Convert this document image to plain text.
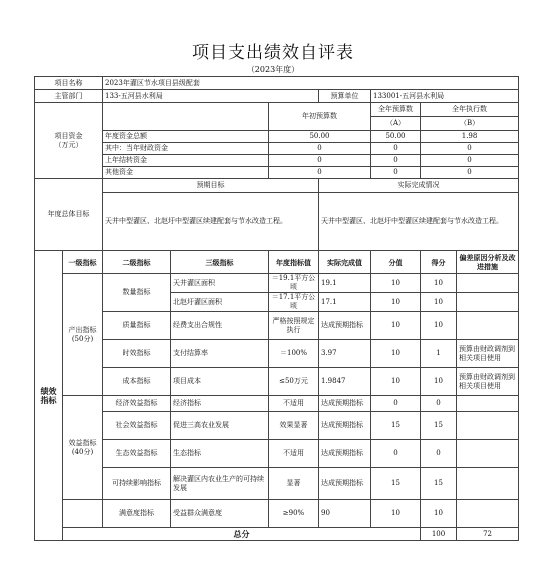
项目支出绩效自评表
（2023年度）
项目名称		2023年灌区节水项目县级配套							
主管部门		133-五河县水利局			预算单位	133001-五河县水利局			
项目资金
（万元）				年初预算数		全年预算数	全年执行数	
						（A）	（B）	
		年度资金总额		50.00		50.00	1.98	
		其中：当年财政资金		0		0	0	
		上年结转资金		0		0	0	
		其他资金		0		0	0	
年度总体目标		预期目标			实际完成情况				
		天井中型灌区、北赵圩中型灌区续建配套与节水改造工程。			天井中型灌区、北赵圩中型灌区续建配套与节水改造工程。				
绩效指标	一级指标	二级指标	三级指标	年度指标值	实际完成值	分值	得分	偏差原因分析及改进措施	
	产出指标(50分)	数量指标	天井灌区面积	＝19.1平方公顷	19.1	10	10		
			北赵圩灌区面积	＝17.1平方公顷	17.1	10	10		
		质量指标	经费支出合规性	严格按照规定执行	达成预期指标	10	10		
		时效指标	支付结算率	＝100%	3.97	10	1	预算由财政调剂到相关项目使用	
		成本指标	项目成本	≤50万元	1.9847	10	10	预算由财政调剂到相关项目使用	
	效益指标(40分)	经济效益指标	经济指标	不适用	达成预期指标	0	0		
		社会效益指标	促进三高农业发展	效果显著	达成预期指标	15	15		
		生态效益指标	生态指标	不适用	达成预期指标	0	0		
		可持续影响指标	解决灌区内农业生产的可持续发展	显著	达成预期指标	15	15		
		满意度指标	受益群众满意度	≥90%	90	10	10		
	总分						100	72	
